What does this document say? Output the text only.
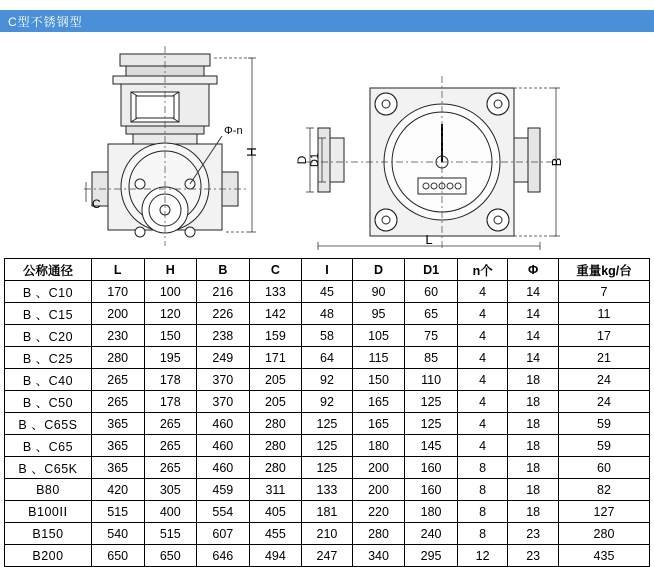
C型不锈钢型
Φ-n
H
C
D D1	B
L
公称通径	L	H	B	C	I	D	D1	n个	Φ	重量kg/台
B 、C10	170	100	216	133	45	90	60	4	14	7
B 、C15	200	120	226	142	48	95	65	4	14	11
B 、C20	230	150	238	159	58	105	75	4	14	17
B 、C25	280	195	249	171	64	115	85	4	14	21
B 、C40	265	178	370	205	92	150	110	4	18	24
B 、C50	265	178	370	205	92	165	125	4	18	24
B 、C65S	365	265	460	280	125	165	125	4	18	59
B 、C65	365	265	460	280	125	180	145	4	18	59
B 、C65K	365	265	460	280	125	200	160	8	18	60
B80	420	305	459	311	133	200	160	8	18	82
B100ⅠⅠ	515	400	554	405	181	220	180	8	18	127
B150	540	515	607	455	210	280	240	8	23	280
B200	650	650	646	494	247	340	295	12	23	435
